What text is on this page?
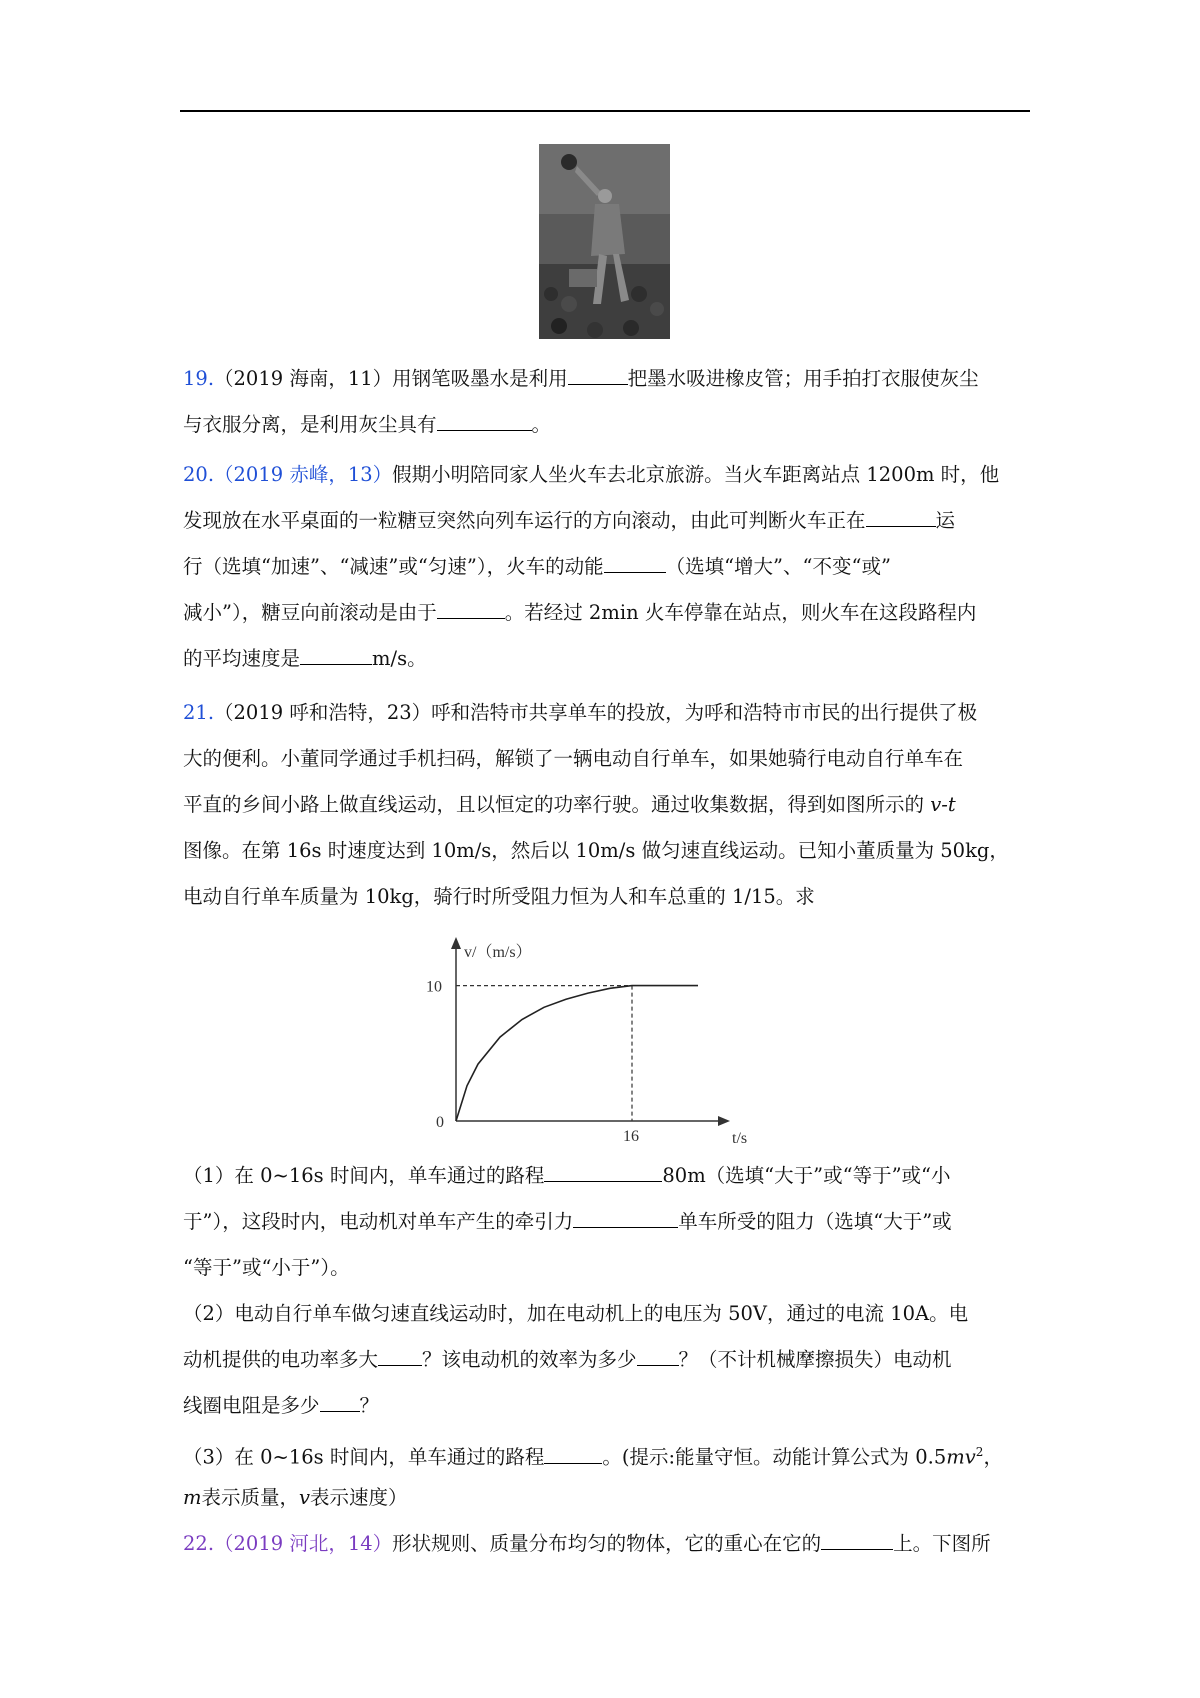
19.（2019 海南，11）用钢笔吸墨水是利用	把墨水吸进橡皮管；用手拍打衣服使灰尘
与衣服分离，是利用灰尘具有	。
20.（2019 赤峰，13）假期小明陪同家人坐火车去北京旅游。当火车距离站点 1200m 时，他
发现放在水平桌面的一粒糖豆突然向列车运行的方向滚动，由此可判断火车正在	运
行（选填“加速”、“减速”或“匀速”），火车的动能	（选填“增大”、“不变“或”
减小”），糖豆向前滚动是由于	。若经过 2min 火车停靠在站点，则火车在这段路程内
的平均速度是	m/s。
21.（2019 呼和浩特，23）呼和浩特市共享单车的投放，为呼和浩特市市民的出行提供了极
大的便利。小董同学通过手机扫码，解锁了一辆电动自行单车，如果她骑行电动自行单车在
平直的乡间小路上做直线运动，且以恒定的功率行驶。通过收集数据，得到如图所示的 v-t
图像。在第 16s 时速度达到 10m/s，然后以 10m/s 做匀速直线运动。已知小董质量为 50kg，
电动自行单车质量为 10kg，骑行时所受阻力恒为人和车总重的 1/15。求
v/（m/s）
t/s
0
10
16
（1）在 0~16s 时间内，单车通过的路程	80m（选填“大于”或“等于”或“小
于”），这段时内，电动机对单车产生的牵引力	单车所受的阻力（选填“大于”或
“等于”或“小于”）。
（2）电动自行单车做匀速直线运动时，加在电动机上的电压为 50V，通过的电流 10A。电
动机提供的电功率多大 ？该电动机的效率为多少 ？（不计机械摩擦损失）电动机
线圈电阻是多少 ？
（3）在 0~16s 时间内，单车通过的路程	。(提示:能量守恒。动能计算公式为 $0.5mv^2$，
m表示质量，v表示速度）
22.（2019 河北，14）形状规则、质量分布均匀的物体，它的重心在它的	上。下图所
